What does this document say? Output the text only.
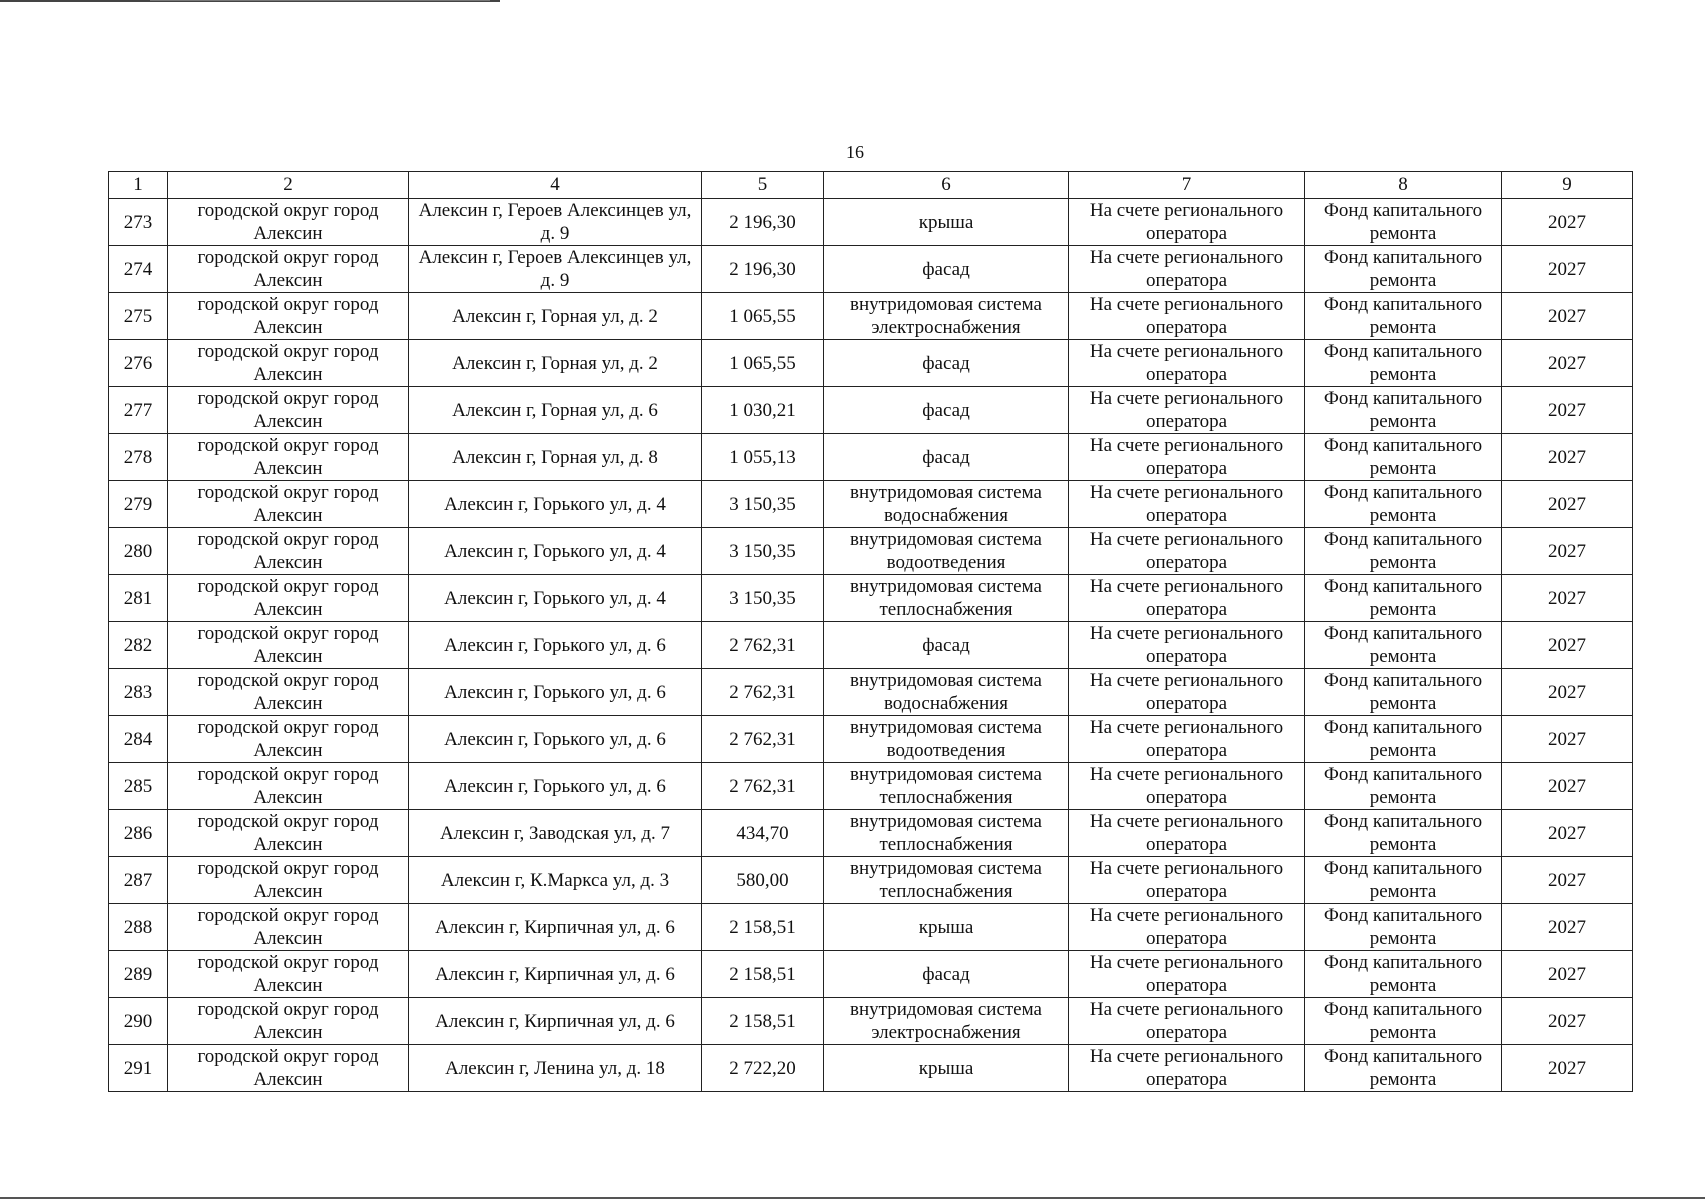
16
1	2	4	5	6	7	8	9
273	городской округ город Алексин	Алексин г, Героев Алексинцев ул, д. 9	2 196,30	крыша	На счете регионального оператора	Фонд капитального ремонта	2027
274	городской округ город Алексин	Алексин г, Героев Алексинцев ул, д. 9	2 196,30	фасад	На счете регионального оператора	Фонд капитального ремонта	2027
275	городской округ город Алексин	Алексин г, Горная ул, д. 2	1 065,55	внутридомовая система электроснабжения	На счете регионального оператора	Фонд капитального ремонта	2027
276	городской округ город Алексин	Алексин г, Горная ул, д. 2	1 065,55	фасад	На счете регионального оператора	Фонд капитального ремонта	2027
277	городской округ город Алексин	Алексин г, Горная ул, д. 6	1 030,21	фасад	На счете регионального оператора	Фонд капитального ремонта	2027
278	городской округ город Алексин	Алексин г, Горная ул, д. 8	1 055,13	фасад	На счете регионального оператора	Фонд капитального ремонта	2027
279	городской округ город Алексин	Алексин г, Горького ул, д. 4	3 150,35	внутридомовая система водоснабжения	На счете регионального оператора	Фонд капитального ремонта	2027
280	городской округ город Алексин	Алексин г, Горького ул, д. 4	3 150,35	внутридомовая система водоотведения	На счете регионального оператора	Фонд капитального ремонта	2027
281	городской округ город Алексин	Алексин г, Горького ул, д. 4	3 150,35	внутридомовая система теплоснабжения	На счете регионального оператора	Фонд капитального ремонта	2027
282	городской округ город Алексин	Алексин г, Горького ул, д. 6	2 762,31	фасад	На счете регионального оператора	Фонд капитального ремонта	2027
283	городской округ город Алексин	Алексин г, Горького ул, д. 6	2 762,31	внутридомовая система водоснабжения	На счете регионального оператора	Фонд капитального ремонта	2027
284	городской округ город Алексин	Алексин г, Горького ул, д. 6	2 762,31	внутридомовая система водоотведения	На счете регионального оператора	Фонд капитального ремонта	2027
285	городской округ город Алексин	Алексин г, Горького ул, д. 6	2 762,31	внутридомовая система теплоснабжения	На счете регионального оператора	Фонд капитального ремонта	2027
286	городской округ город Алексин	Алексин г, Заводская ул, д. 7	434,70	внутридомовая система теплоснабжения	На счете регионального оператора	Фонд капитального ремонта	2027
287	городской округ город Алексин	Алексин г, К.Маркса ул, д. 3	580,00	внутридомовая система теплоснабжения	На счете регионального оператора	Фонд капитального ремонта	2027
288	городской округ город Алексин	Алексин г, Кирпичная ул, д. 6	2 158,51	крыша	На счете регионального оператора	Фонд капитального ремонта	2027
289	городской округ город Алексин	Алексин г, Кирпичная ул, д. 6	2 158,51	фасад	На счете регионального оператора	Фонд капитального ремонта	2027
290	городской округ город Алексин	Алексин г, Кирпичная ул, д. 6	2 158,51	внутридомовая система электроснабжения	На счете регионального оператора	Фонд капитального ремонта	2027
291	городской округ город Алексин	Алексин г, Ленина ул, д. 18	2 722,20	крыша	На счете регионального оператора	Фонд капитального ремонта	2027
